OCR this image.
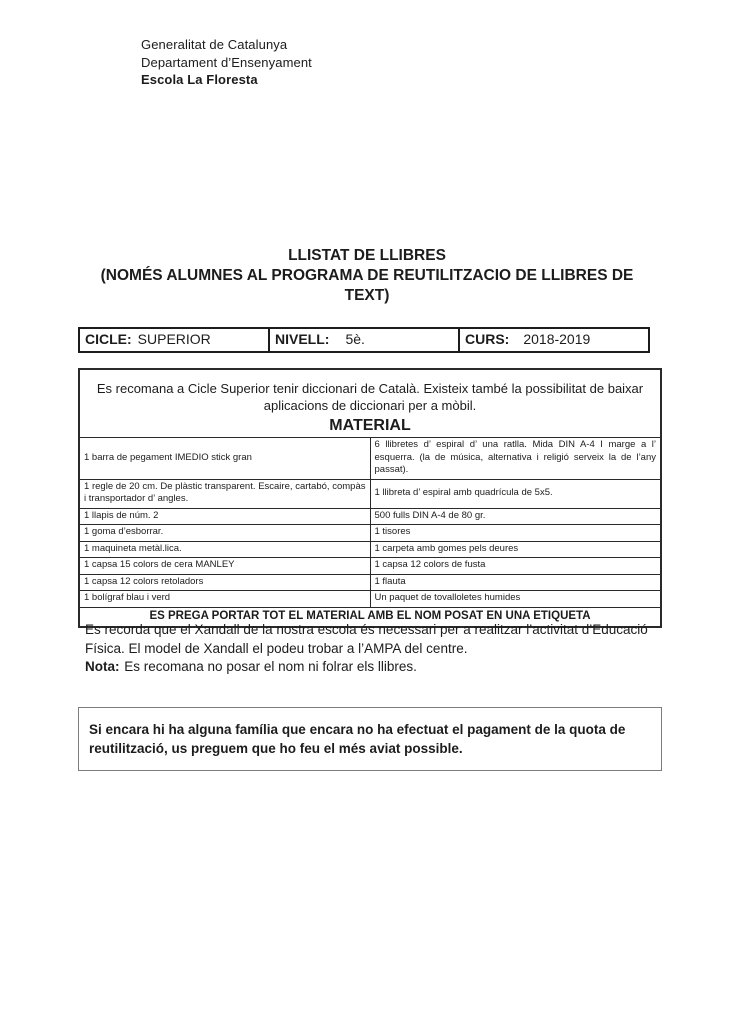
Generalitat de Catalunya
Departament d’Ensenyament
Escola La Floresta
LLISTAT DE LLIBRES
(NOMÉS ALUMNES AL PROGRAMA DE REUTILITZACIO DE LLIBRES DE TEXT)
CICLE: SUPERIOR	NIVELL: 5è.	CURS: 2018-2019
Es recomana a Cicle Superior tenir diccionari de Català. Existeix també la possibilitat de baixar aplicacions de diccionari per a mòbil.
MATERIAL	

1 barra de pegament IMEDIO stick gran	6 llibretes d’ espiral d’ una ratlla. Mida DIN A-4 I marge a l’ esquerra. (la de música, alternativa i religió serveix la de l’any passat).
1 regle de 20 cm. De plàstic transparent. Escaire, cartabó, compàs i transportador d’ angles.	1 llibreta d’ espiral amb quadrícula de 5x5.
1 llapis de núm. 2	500 fulls DIN A-4 de 80 gr.
1 goma d’esborrar.	1 tisores
1 maquineta metàl.lica.	1 carpeta amb gomes pels deures
1 capsa 15 colors de cera MANLEY	1 capsa 12 colors de fusta
1 capsa 12 colors retoladors	1 flauta
1 bolígraf blau i verd	Un paquet de tovalloletes humides
ES PREGA PORTAR TOT EL MATERIAL AMB EL NOM POSAT EN UNA ETIQUETA	
Es recorda que el Xandall de la nostra escola és necessari per a realitzar l’activitat d’Educació Física. El model de Xandall el podeu trobar a l’AMPA del centre.
Nota: Es recomana no posar el nom ni folrar els llibres.
Si encara hi ha alguna família que encara no ha efectuat el pagament de la quota de reutilització, us preguem que ho feu el més aviat possible.
